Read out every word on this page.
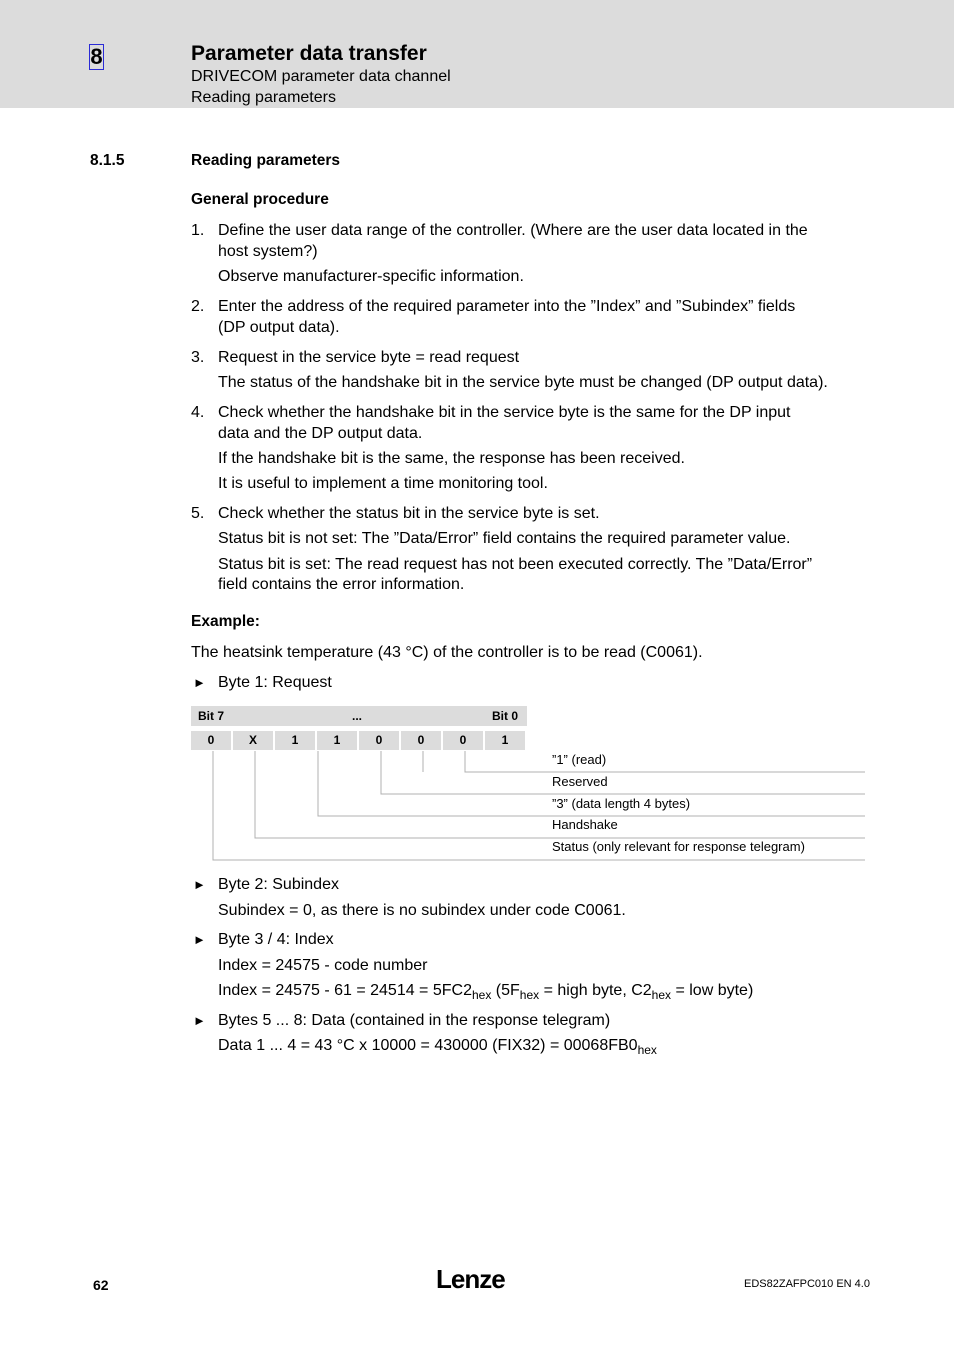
8	Parameter data transfer
DRIVECOM parameter data channel
Reading parameters
8.1.5	Reading parameters
General procedure
1. Define the user data range of the controller. (Where are the user data located in the
host system?)
Observe manufacturer-specific information.
2. Enter the address of the required parameter into the ”Index” and ”Subindex” fields
(DP output data).
3. Request in the service byte = read request
The status of the handshake bit in the service byte must be changed (DP output data).
4. Check whether the handshake bit in the service byte is the same for the DP input
data and the DP output data.
If the handshake bit is the same, the response has been received.
It is useful to implement a time monitoring tool.
5. Check whether the status bit in the service byte is set.
Status bit is not set: The ”Data/Error” field contains the required parameter value.
Status bit is set: The read request has not been executed correctly. The ”Data/Error”
field contains the error information.
Example:
The heatsink temperature (43 °C) of the controller is to be read (C0061).
► Byte 1: Request
Bit 7	...	Bit 0
0	X	1	1	0	0	0	1
”1” (read)
Reserved
”3” (data length 4 bytes)
Handshake
Status (only relevant for response telegram)
► Byte 2: Subindex
Subindex = 0, as there is no subindex under code C0061.
► Byte 3 / 4: Index
Index = 24575 - code number
Index = $24575 - 61 = 24514 = 5FC2_{hex}$ ($5F_{hex}$ = high byte, $C2_{hex}$ = low byte)
► Bytes 5 ... 8: Data (contained in the response telegram)
Data 1 ... 4 = 43 °C x 10000 = 430000 $(FIX32) = 00068FB0_{hex}$
62	Lenze	EDS82ZAFPC010 EN 4.0
